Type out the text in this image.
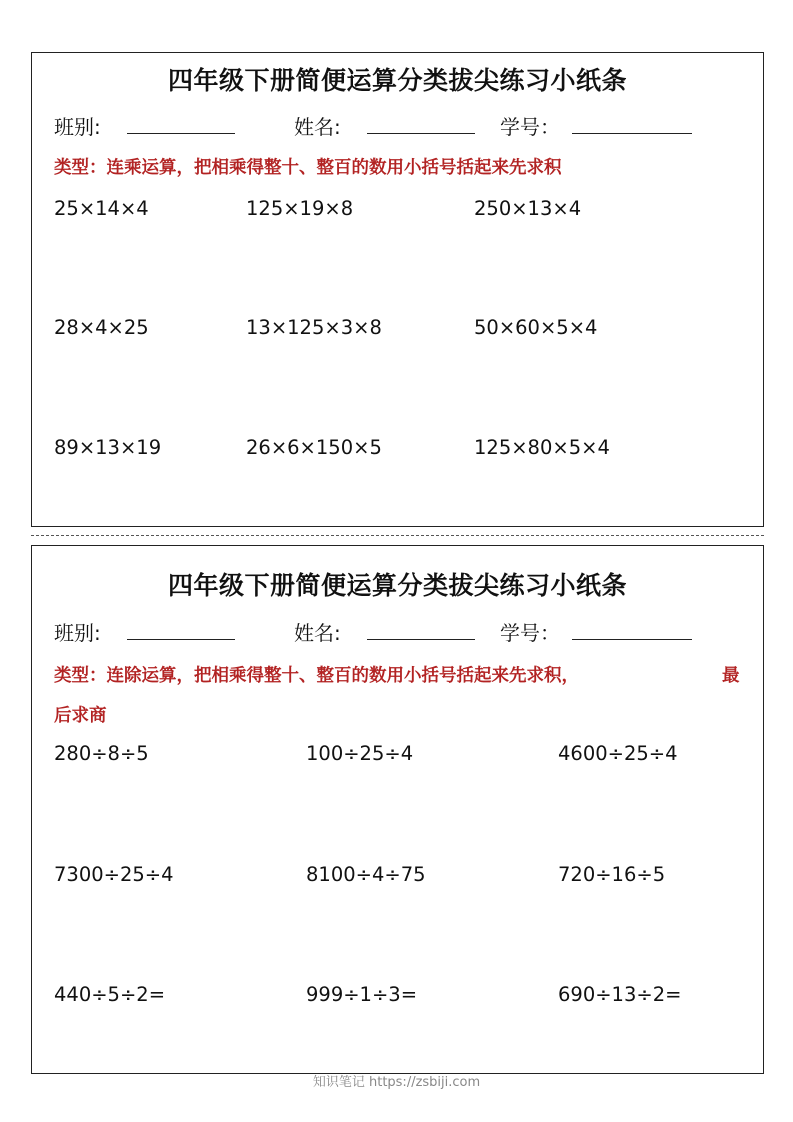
四年级下册简便运算分类拔尖练习小纸条
班别:	姓名:	学号：
类型：连乘运算，把相乘得整十、整百的数用小括号括起来先求积
25×14×4	125×19×8	250×13×4
28×4×25	13×125×3×8	50×60×5×4
89×13×19	26×6×150×5	125×80×5×4
四年级下册简便运算分类拔尖练习小纸条
班别:	姓名:	学号：
类型：连除运算，把相乘得整十、整百的数用小括号括起来先求积，	最
后求商
280÷8÷5	100÷25÷4	4600÷25÷4
7300÷25÷4	8100÷4÷75	720÷16÷5
440÷5÷2=	999÷1÷3=	690÷13÷2=
知识笔记 https://zsbiji.com
